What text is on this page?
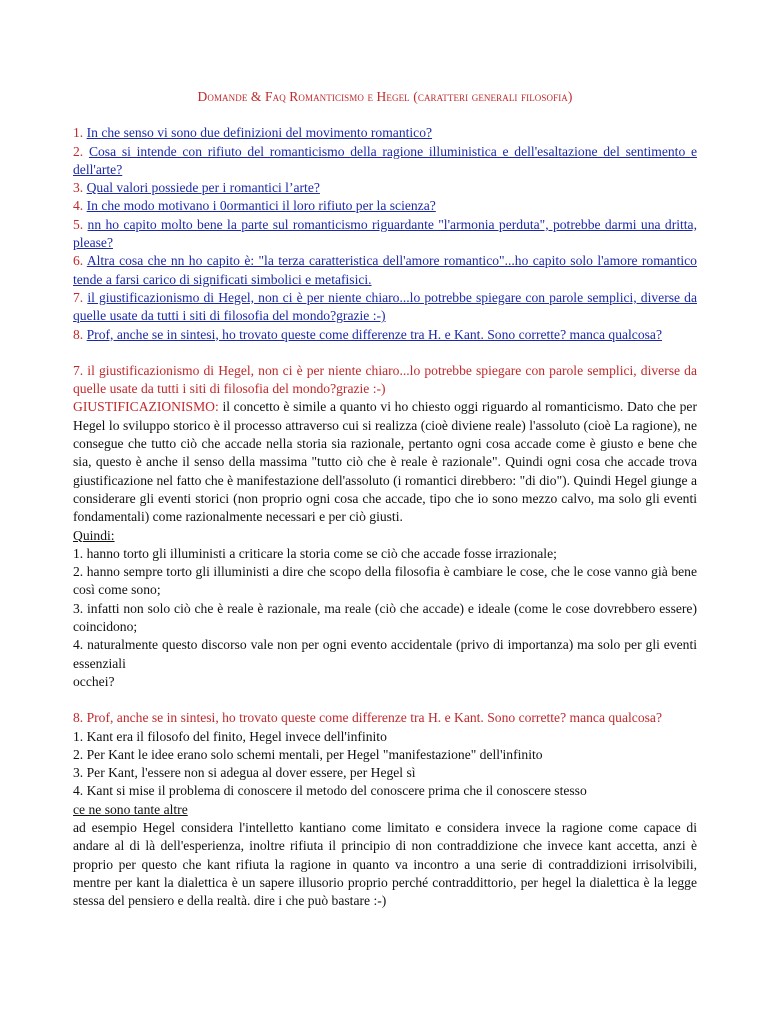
Domande & Faq Romanticismo e Hegel (caratteri generali filosofia)

1. In che senso vi sono due definizioni del movimento romantico?

2. Cosa si intende con rifiuto del romanticismo della ragione illuministica e dell'esaltazione del sentimento e dell'arte?

3. Qual valori possiede per i romantici l’arte?

4. In che modo motivano i 0ormantici il loro rifiuto per la scienza?

5. nn ho capito molto bene la parte sul romanticismo riguardante "l'armonia perduta", potrebbe darmi una dritta, please?

6. Altra cosa che nn ho capito è: "la terza caratteristica dell'amore romantico"...ho capito solo l'amore romantico tende a farsi carico di significati simbolici e metafisici.

7. il giustificazionismo di Hegel, non ci è per niente chiaro...lo potrebbe spiegare con parole semplici, diverse da quelle usate da tutti i siti di filosofia del mondo?grazie :-)

8. Prof, anche se in sintesi, ho trovato queste come differenze tra H. e Kant. Sono corrette? manca qualcosa?

7. il giustificazionismo di Hegel, non ci è per niente chiaro...lo potrebbe spiegare con parole semplici, diverse da quelle usate da tutti i siti di filosofia del mondo?grazie :-)

GIUSTIFICAZIONISMO: il concetto è simile a quanto vi ho chiesto oggi riguardo al romanticismo. Dato che per Hegel lo sviluppo storico è il processo attraverso cui si realizza (cioè diviene reale) l'assoluto (cioè La ragione), ne consegue che tutto ciò che accade nella storia sia razionale, pertanto ogni cosa accade come è giusto e bene che sia, questo è anche il senso della massima "tutto ciò che è reale è razionale". Quindi ogni cosa che accade trova giustificazione nel fatto che è manifestazione dell'assoluto (i romantici direbbero: "di dio"). Quindi Hegel giunge a considerare gli eventi storici (non proprio ogni cosa che accade, tipo che io sono mezzo calvo, ma solo gli eventi fondamentali) come razionalmente necessari e per ciò giusti.

Quindi:

1. hanno torto gli illuministi a criticare la storia come se ciò che accade fosse irrazionale;

2. hanno sempre torto gli illuministi a dire che scopo della filosofia è cambiare le cose, che le cose vanno già bene così come sono;

3. infatti non solo ciò che è reale è razionale, ma reale (ciò che accade) e ideale (come le cose dovrebbero essere) coincidono;

4. naturalmente questo discorso vale non per ogni evento accidentale (privo di importanza) ma solo per gli eventi essenziali

occhei?

8. Prof, anche se in sintesi, ho trovato queste come differenze tra H. e Kant. Sono corrette? manca qualcosa?

1. Kant era il filosofo del finito, Hegel invece dell'infinito

2. Per Kant le idee erano solo schemi mentali, per Hegel "manifestazione" dell'infinito

3. Per Kant, l'essere non si adegua al dover essere, per Hegel sì

4. Kant si mise il problema di conoscere il metodo del conoscere prima che il conoscere stesso

ce ne sono tante altre

ad esempio Hegel considera l'intelletto kantiano come limitato e considera invece la ragione come capace di andare al di là dell'esperienza, inoltre rifiuta il principio di non contraddizione che invece kant accetta, anzi è proprio per questo che kant rifiuta la ragione in quanto va incontro a una serie di contraddizioni irrisolvibili, mentre per kant la dialettica è un sapere illusorio proprio perché contraddittorio, per hegel la dialettica è la legge stessa del pensiero e della realtà. dire i che può bastare :-)
